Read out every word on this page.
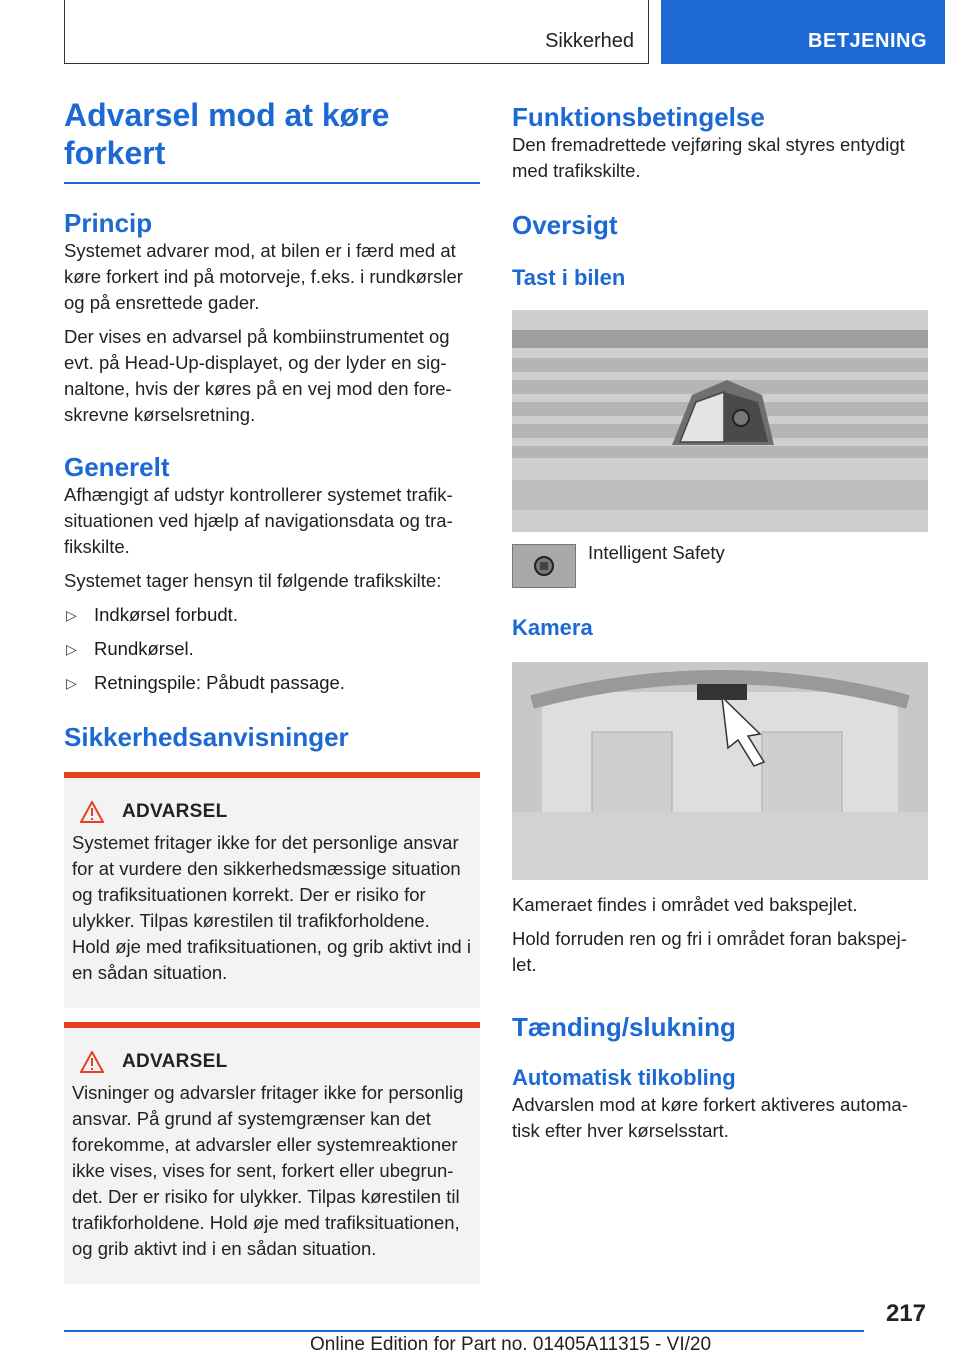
Sikkerhed	BETJENING
Advarsel mod at køre forkert
Princip

Systemet advarer mod, at bilen er i færd med at køre forkert ind på motorveje, f.eks. i rundkørsler og på ensrettede gader.

Der vises en advarsel på kombiinstrumentet og evt. på Head-Up-displayet, og der lyder en sig- naltone, hvis der køres på en vej mod den fore- skrevne kørselsretning.

Generelt

Afhængigt af udstyr kontrollerer systemet trafik- situationen ved hjælp af navigationsdata og tra- fikskilte.

Systemet tager hensyn til følgende trafikskilte:

▷ Indkørsel forbudt.
▷ Rundkørsel.
▷ Retningspile: Påbudt passage.
Sikkerhedsanvisninger
ADVARSEL

Systemet fritager ikke for det personlige ansvar for at vurdere den sikkerhedsmæssige situation og trafiksituationen korrekt. Der er risiko for ulykker. Tilpas kørestilen til trafikforholdene. Hold øje med trafiksituationen, og grib aktivt ind i en sådan situation.

ADVARSEL

Visninger og advarsler fritager ikke for personlig ansvar. På grund af systemgrænser kan det forekomme, at advarsler eller systemreaktioner ikke vises, vises for sent, forkert eller ubegrun- det. Der er risiko for ulykker. Tilpas kørestilen til trafikforholdene. Hold øje med trafiksituationen, og grib aktivt ind i en sådan situation.

Funktionsbetingelse

Den fremadrettede vejføring skal styres entydigt med trafikskilte.

Oversigt
Tast i bilen

Intelligent Safety

Kamera

Kameraet findes i området ved bakspejlet.

Hold forruden ren og fri i området foran bakspej- let.

Tænding/slukning
Automatisk tilkobling

Advarslen mod at køre forkert aktiveres automa- tisk efter hver kørselsstart.

217
Online Edition for Part no. 01405A11315 - VI/20
